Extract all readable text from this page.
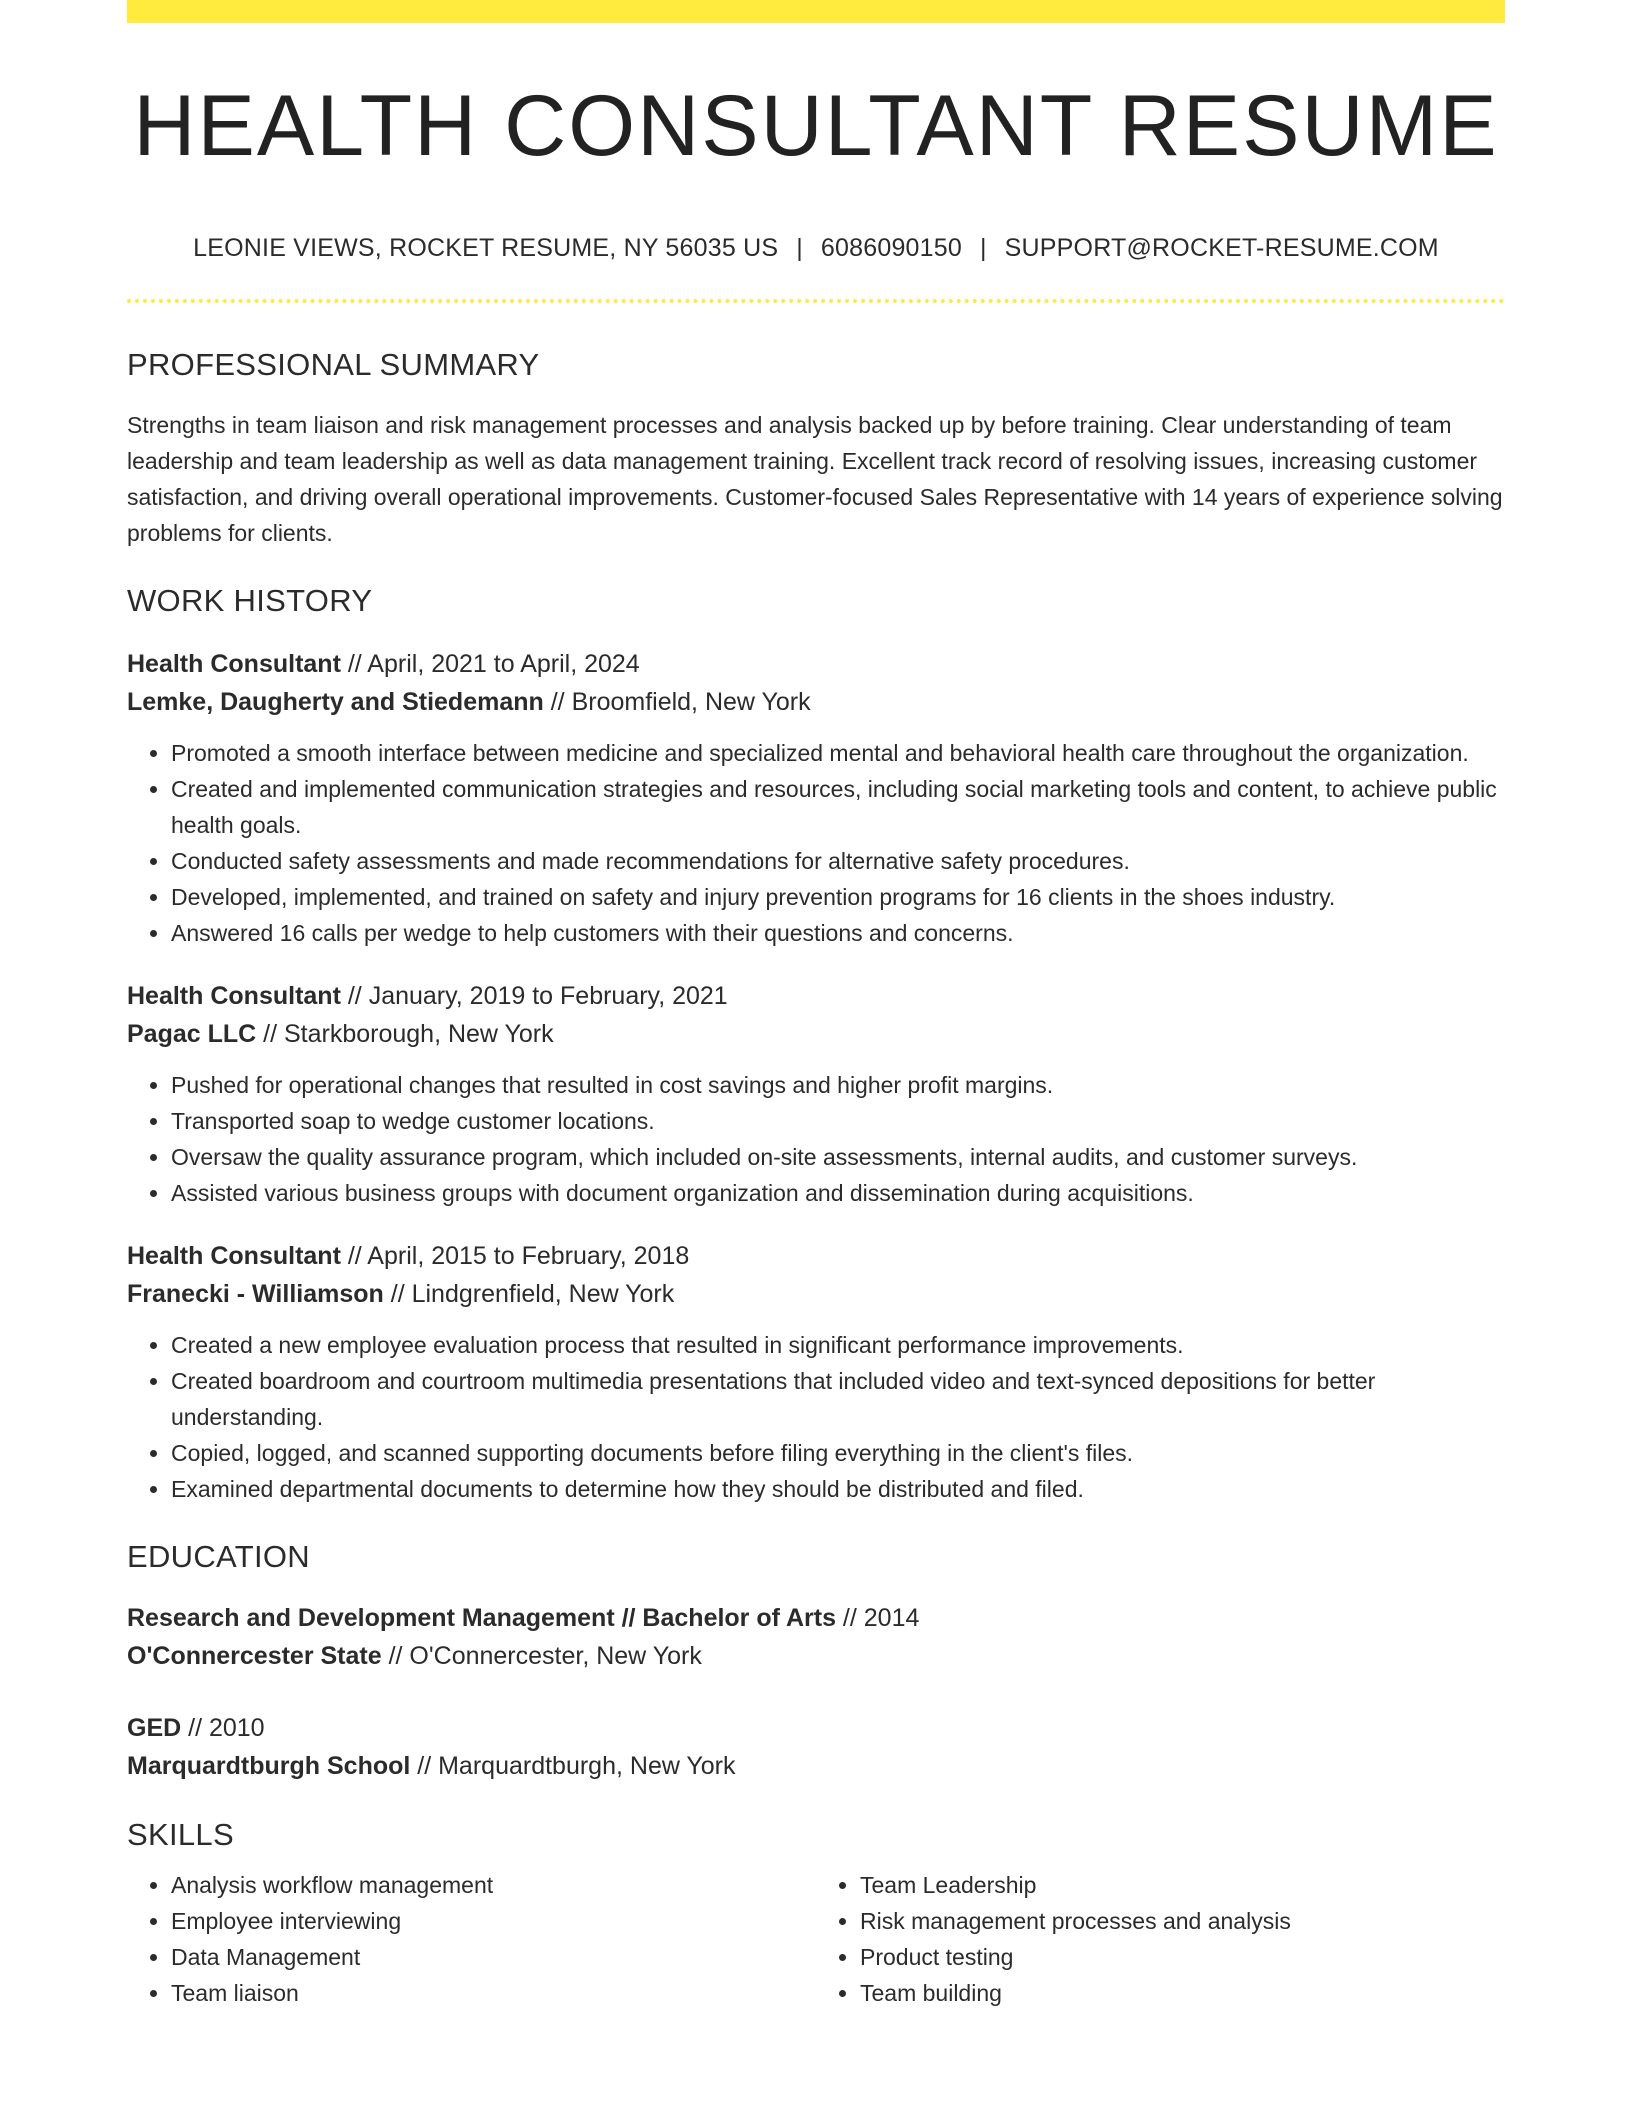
HEALTH CONSULTANT RESUME
LEONIE VIEWS, ROCKET RESUME, NY 56035 US | 6086090150 | SUPPORT@ROCKET-RESUME.COM
PROFESSIONAL SUMMARY
Strengths in team liaison and risk management processes and analysis backed up by before training. Clear understanding of team leadership and team leadership as well as data management training. Excellent track record of resolving issues, increasing customer satisfaction, and driving overall operational improvements. Customer-focused Sales Representative with 14 years of experience solving problems for clients.
WORK HISTORY
Health Consultant // April, 2021 to April, 2024
Lemke, Daugherty and Stiedemann // Broomfield, New York
• Promoted a smooth interface between medicine and specialized mental and behavioral health care throughout the organization.
• Created and implemented communication strategies and resources, including social marketing tools and content, to achieve public health goals.
• Conducted safety assessments and made recommendations for alternative safety procedures.
• Developed, implemented, and trained on safety and injury prevention programs for 16 clients in the shoes industry.
• Answered 16 calls per wedge to help customers with their questions and concerns.
Health Consultant // January, 2019 to February, 2021
Pagac LLC // Starkborough, New York
• Pushed for operational changes that resulted in cost savings and higher profit margins.
• Transported soap to wedge customer locations.
• Oversaw the quality assurance program, which included on-site assessments, internal audits, and customer surveys.
• Assisted various business groups with document organization and dissemination during acquisitions.
Health Consultant // April, 2015 to February, 2018
Franecki - Williamson // Lindgrenfield, New York
• Created a new employee evaluation process that resulted in significant performance improvements.
• Created boardroom and courtroom multimedia presentations that included video and text-synced depositions for better understanding.
• Copied, logged, and scanned supporting documents before filing everything in the client's files.
• Examined departmental documents to determine how they should be distributed and filed.
EDUCATION
Research and Development Management // Bachelor of Arts // 2014
O'Connercester State // O'Connercester, New York
GED // 2010
Marquardtburgh School // Marquardtburgh, New York
SKILLS
• Analysis workflow management
• Employee interviewing
• Data Management
• Team liaison
• Team Leadership
• Risk management processes and analysis
• Product testing
• Team building
